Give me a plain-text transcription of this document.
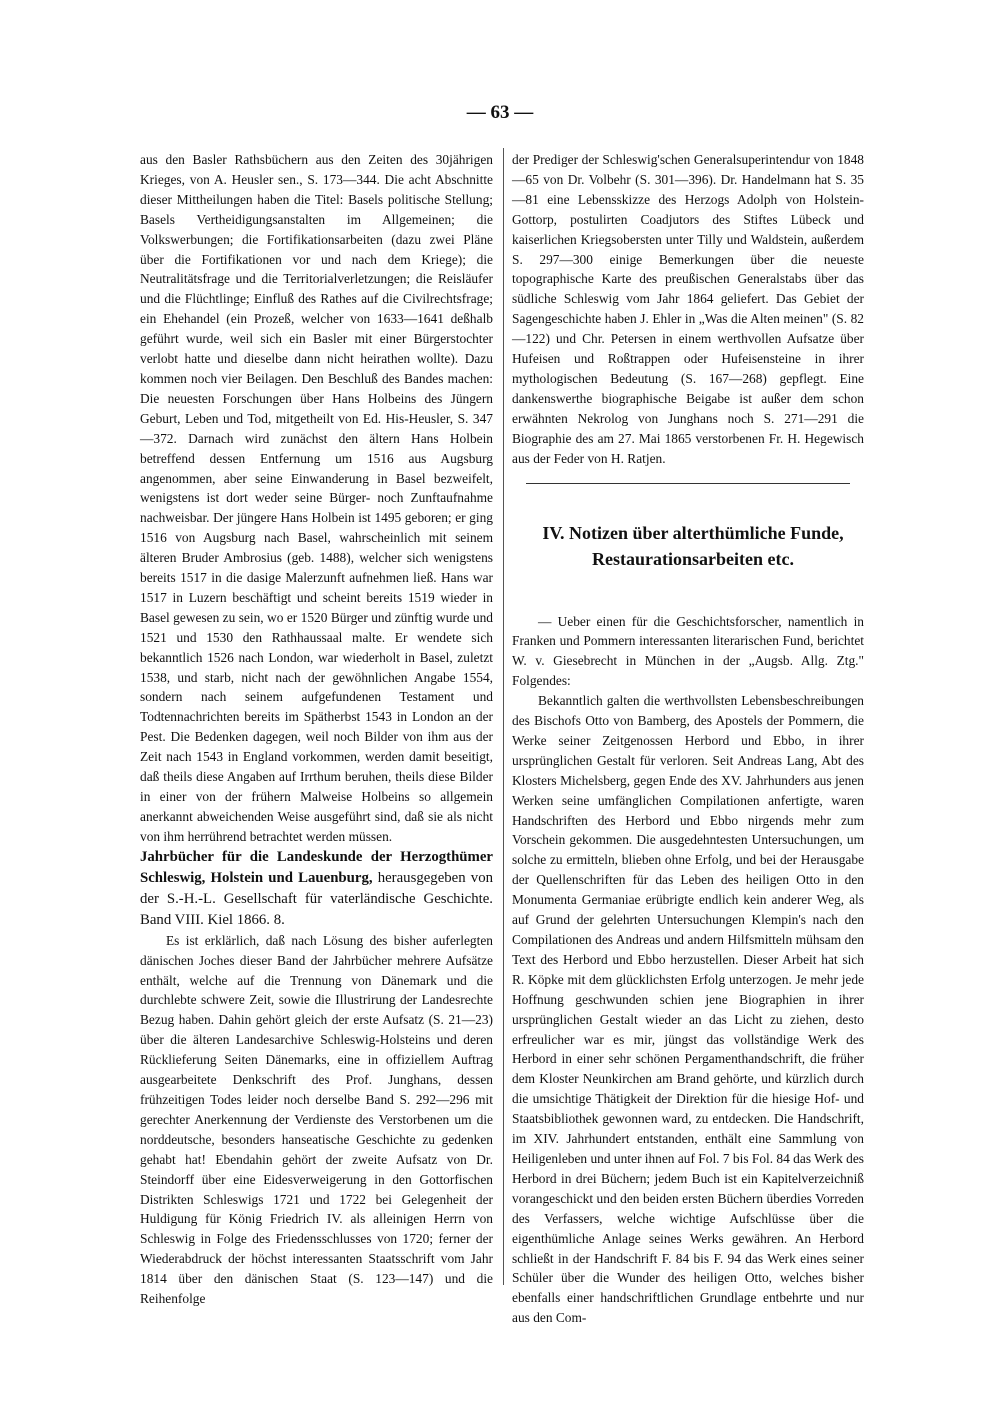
— 63 —

aus den Basler Rathsbüchern aus den Zeiten des 30jährigen Krieges, von A. Heusler sen., S. 173—344. Die acht Abschnitte dieser Mittheilungen haben die Titel: Basels politische Stellung; Basels Vertheidigungsanstalten im Allgemeinen; die Volkswerbungen; die Fortifikationsarbeiten (dazu zwei Pläne über die Fortifikationen vor und nach dem Kriege); die Neutralitätsfrage und die Territorialverletzungen; die Reisläufer und die Flüchtlinge; Einfluß des Rathes auf die Civilrechtsfrage; ein Ehehandel (ein Prozeß, welcher von 1633—1641 deßhalb geführt wurde, weil sich ein Basler mit einer Bürgerstochter verlobt hatte und dieselbe dann nicht heirathen wollte). Dazu kommen noch vier Beilagen. Den Beschluß des Bandes machen: Die neuesten Forschungen über Hans Holbeins des Jüngern Geburt, Leben und Tod, mitgetheilt von Ed. His-Heusler, S. 347—372. Darnach wird zunächst den ältern Hans Holbein betreffend dessen Entfernung um 1516 aus Augsburg angenommen, aber seine Einwanderung in Basel bezweifelt, wenigstens ist dort weder seine Bürger- noch Zunftaufnahme nachweisbar. Der jüngere Hans Holbein ist 1495 geboren; er ging 1516 von Augsburg nach Basel, wahrscheinlich mit seinem älteren Bruder Ambrosius (geb. 1488), welcher sich wenigstens bereits 1517 in die dasige Malerzunft aufnehmen ließ. Hans war 1517 in Luzern beschäftigt und scheint bereits 1519 wieder in Basel gewesen zu sein, wo er 1520 Bürger und zünftig wurde und 1521 und 1530 den Rathhaussaal malte. Er wendete sich bekanntlich 1526 nach London, war wiederholt in Basel, zuletzt 1538, und starb, nicht nach der gewöhnlichen Angabe 1554, sondern nach seinem aufgefundenen Testament und Todtennachrichten bereits im Spätherbst 1543 in London an der Pest. Die Bedenken dagegen, weil noch Bilder von ihm aus der Zeit nach 1543 in England vorkommen, werden damit beseitigt, daß theils diese Angaben auf Irrthum beruhen, theils diese Bilder in einer von der frühern Malweise Holbeins so allgemein anerkannt abweichenden Weise ausgeführt sind, daß sie als nicht von ihm herrührend betrachtet werden müssen.

Jahrbücher für die Landeskunde der Herzogthümer Schleswig, Holstein und Lauenburg, herausgegeben von der S.-H.-L. Gesellschaft für vaterländische Geschichte. Band VIII. Kiel 1866. 8.

Es ist erklärlich, daß nach Lösung des bisher auferlegten dänischen Joches dieser Band der Jahrbücher mehrere Aufsätze enthält, welche auf die Trennung von Dänemark und die durchlebte schwere Zeit, sowie die Illustrirung der Landesrechte Bezug haben. Dahin gehört gleich der erste Aufsatz (S. 21—23) über die älteren Landesarchive Schleswig-Holsteins und deren Rücklieferung Seiten Dänemarks, eine in offiziellem Auftrag ausgearbeitete Denkschrift des Prof. Junghans, dessen frühzeitigen Todes leider noch derselbe Band S. 292—296 mit gerechter Anerkennung der Verdienste des Verstorbenen um die norddeutsche, besonders hanseatische Geschichte zu gedenken gehabt hat! Ebendahin gehört der zweite Aufsatz von Dr. Steindorff über eine Eidesverweigerung in den Gottorfischen Distrikten Schleswigs 1721 und 1722 bei Gelegenheit der Huldigung für König Friedrich IV. als alleinigen Herrn von Schleswig in Folge des Friedensschlusses von 1720; ferner der Wiederabdruck der höchst interessanten Staatsschrift vom Jahr 1814 über den dänischen Staat (S. 123—147) und die Reihenfolge

der Prediger der Schleswig'schen Generalsuperintendur von 1848—65 von Dr. Volbehr (S. 301—396). Dr. Handelmann hat S. 35—81 eine Lebensskizze des Herzogs Adolph von Holstein-Gottorp, postulirten Coadjutors des Stiftes Lübeck und kaiserlichen Kriegsobersten unter Tilly und Waldstein, außerdem S. 297—300 einige Bemerkungen über die neueste topographische Karte des preußischen Generalstabs über das südliche Schleswig vom Jahr 1864 geliefert. Das Gebiet der Sagengeschichte haben J. Ehler in „Was die Alten meinen" (S. 82—122) und Chr. Petersen in einem werthvollen Aufsatze über Hufeisen und Roßtrappen oder Hufeisensteine in ihrer mythologischen Bedeutung (S. 167—268) gepflegt. Eine dankenswerthe biographische Beigabe ist außer dem schon erwähnten Nekrolog von Junghans noch S. 271—291 die Biographie des am 27. Mai 1865 verstorbenen Fr. H. Hegewisch aus der Feder von H. Ratjen.

IV. Notizen über alterthümliche Funde,
Restaurationsarbeiten etc.

— Ueber einen für die Geschichtsforscher, namentlich in Franken und Pommern interessanten literarischen Fund, berichtet W. v. Giesebrecht in München in der „Augsb. Allg. Ztg." Folgendes:

Bekanntlich galten die werthvollsten Lebensbeschreibungen des Bischofs Otto von Bamberg, des Apostels der Pommern, die Werke seiner Zeitgenossen Herbord und Ebbo, in ihrer ursprünglichen Gestalt für verloren. Seit Andreas Lang, Abt des Klosters Michelsberg, gegen Ende des XV. Jahrhunders aus jenen Werken seine umfänglichen Compilationen anfertigte, waren Handschriften des Herbord und Ebbo nirgends mehr zum Vorschein gekommen. Die ausgedehntesten Untersuchungen, um solche zu ermitteln, blieben ohne Erfolg, und bei der Herausgabe der Quellenschriften für das Leben des heiligen Otto in den Monumenta Germaniae erübrigte endlich kein anderer Weg, als auf Grund der gelehrten Untersuchungen Klempin's nach den Compilationen des Andreas und andern Hilfsmitteln mühsam den Text des Herbord und Ebbo herzustellen. Dieser Arbeit hat sich R. Köpke mit dem glücklichsten Erfolg unterzogen. Je mehr jede Hoffnung geschwunden schien jene Biographien in ihrer ursprünglichen Gestalt wieder an das Licht zu ziehen, desto erfreulicher war es mir, jüngst das vollständige Werk des Herbord in einer sehr schönen Pergamenthandschrift, die früher dem Kloster Neunkirchen am Brand gehörte, und kürzlich durch die umsichtige Thätigkeit der Direktion für die hiesige Hof- und Staatsbibliothek gewonnen ward, zu entdecken. Die Handschrift, im XIV. Jahrhundert entstanden, enthält eine Sammlung von Heiligenleben und unter ihnen auf Fol. 7 bis Fol. 84 das Werk des Herbord in drei Büchern; jedem Buch ist ein Kapitelverzeichniß vorangeschickt und den beiden ersten Büchern überdies Vorreden des Verfassers, welche wichtige Aufschlüsse über die eigenthümliche Anlage seines Werks gewähren. An Herbord schließt in der Handschrift F. 84 bis F. 94 das Werk eines seiner Schüler über die Wunder des heiligen Otto, welches bisher ebenfalls einer handschriftlichen Grundlage entbehrte und nur aus den Com-
